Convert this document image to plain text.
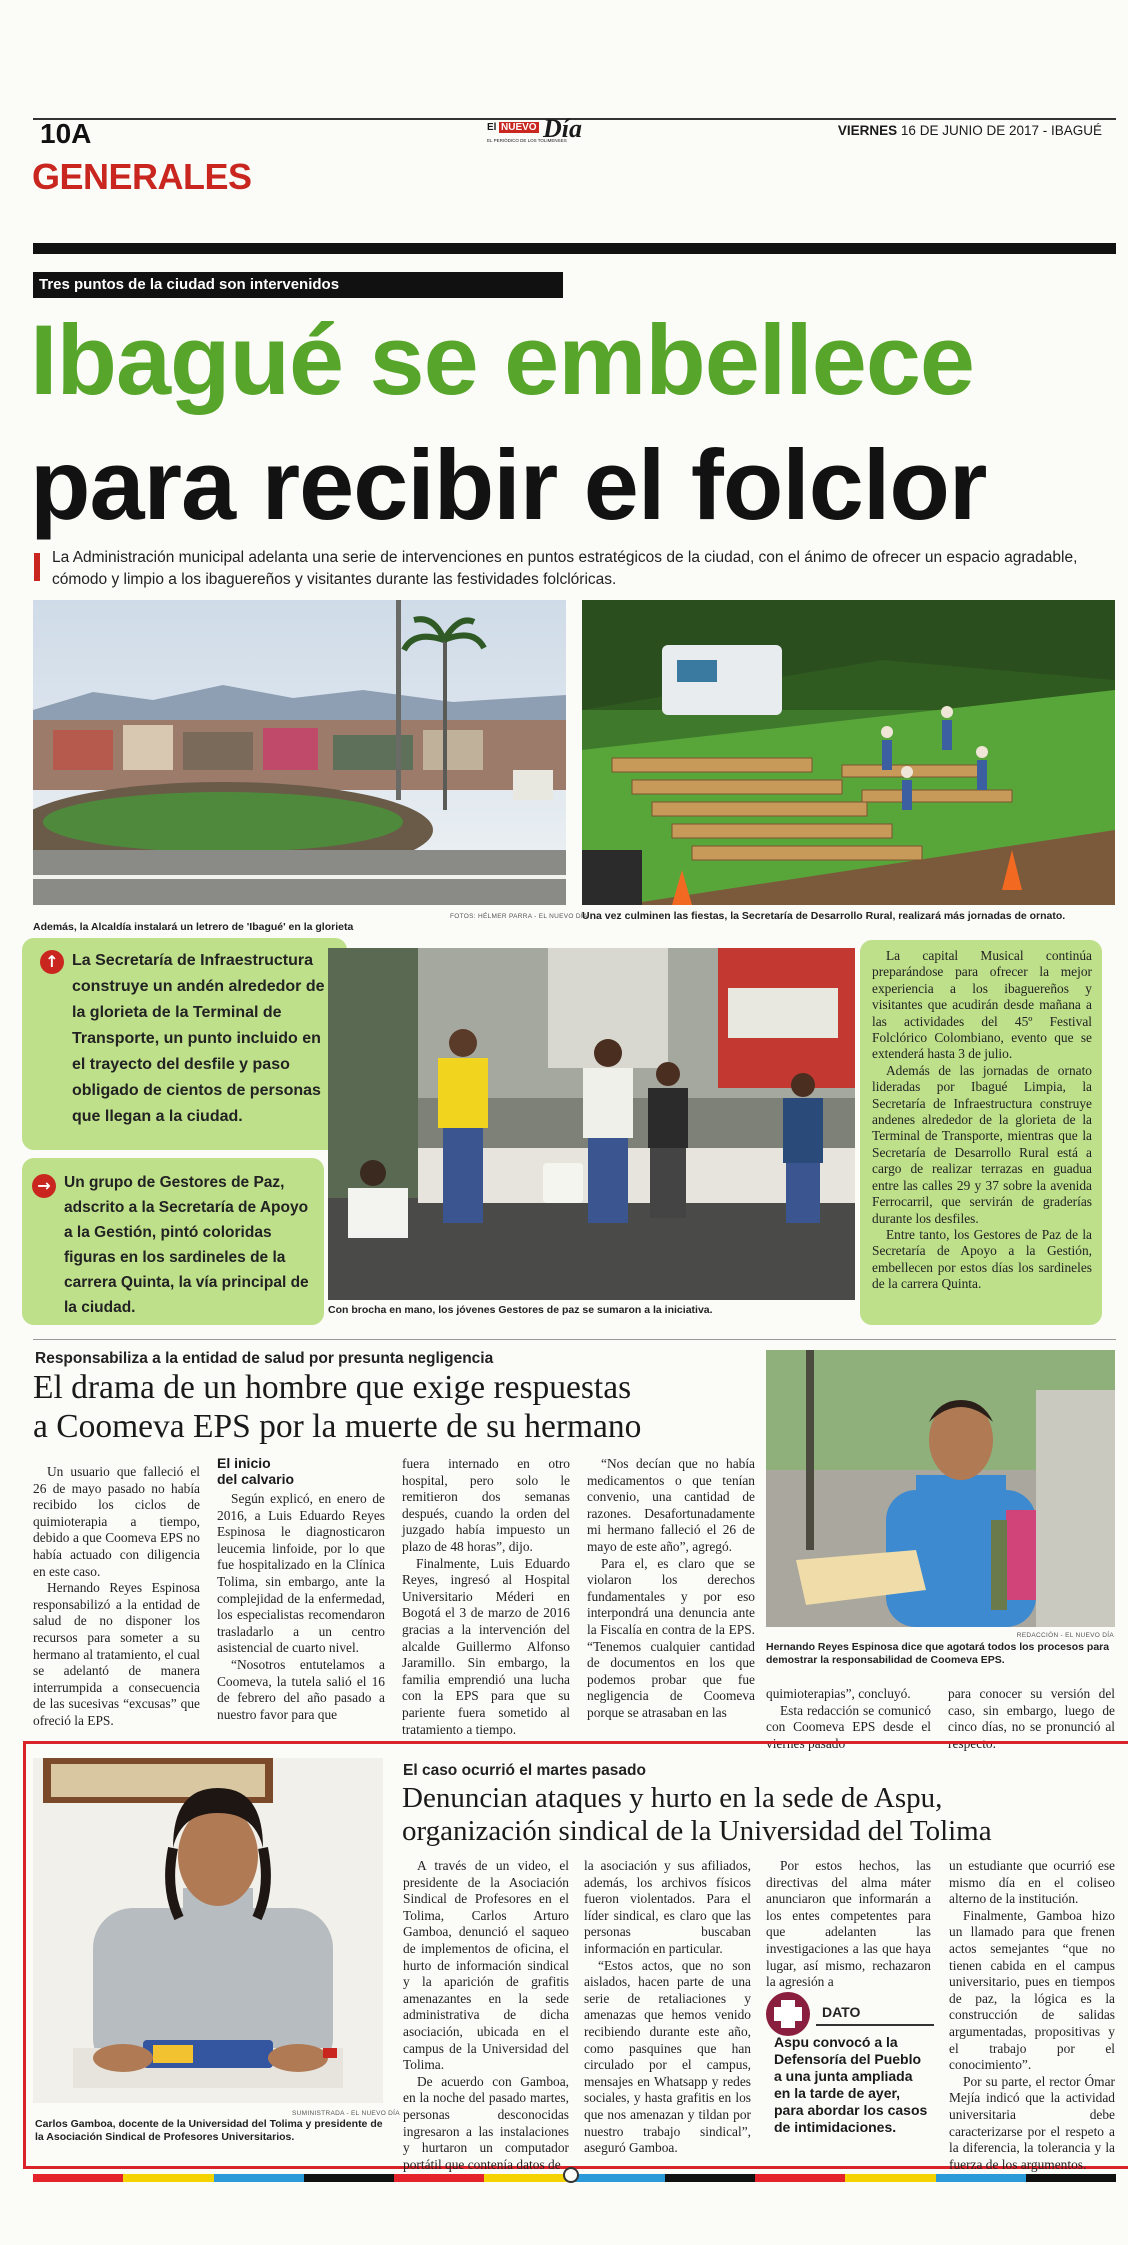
10A	El NUEVO Día
EL PERIÓDICO DE LOS TOLIMENSES
VIERNES 16 DE JUNIO DE 2017 - IBAGUÉ
GENERALES
Tres puntos de la ciudad son intervenidos
Ibagué se embellece
para recibir el folclor
La Administración municipal adelanta una serie de intervenciones en puntos estratégicos de la ciudad, con el ánimo de ofrecer un espacio agradable, cómodo y limpio a los ibaguereños y visitantes durante las festividades folclóricas.
Además, la Alcaldía instalará un letrero de 'Ibagué' en la glorieta
FOTOS: HÉLMER PARRA - EL NUEVO DÍA
Una vez culminen las fiestas, la Secretaría de Desarrollo Rural, realizará más jornadas de ornato.
↑ La Secretaría de Infraestructura construye un andén alrededor de la glorieta de la Terminal de Transporte, un punto incluido en el trayecto del desfile y paso obligado de cientos de personas que llegan a la ciudad.
→ Un grupo de Gestores de Paz, adscrito a la Secretaría de Apoyo a la Gestión, pintó coloridas figuras en los sardineles de la carrera Quinta, la vía principal de la ciudad.	Con brocha en mano, los jóvenes Gestores de paz se sumaron a la iniciativa.

La capital Musical continúa preparándose para ofrecer la mejor experiencia a los ibaguereños y visitantes que acudirán desde mañana a las actividades del 45º Festival Folclórico Colombiano, evento que se extenderá hasta 3 de julio.

Además de las jornadas de ornato lideradas por Ibagué Limpia, la Secretaría de Infraestructura construye andenes alrededor de la glorieta de la Terminal de Transporte, mientras que la Secretaría de Desarrollo Rural está a cargo de realizar terrazas en guadua entre las calles 29 y 37 sobre la avenida Ferrocarril, que servirán de graderías durante los desfiles.

Entre tanto, los Gestores de Paz de la Secretaría de Apoyo a la Gestión, embellecen por estos días los sardineles de la carrera Quinta.

Responsabiliza a la entidad de salud por presunta negligencia
El drama de un hombre que exige respuestas
a Coomeva EPS por la muerte de su hermano

Un usuario que falleció el 26 de mayo pasado no había recibido los ciclos de quimioterapia a tiempo, debido a que Coomeva EPS no había actuado con diligencia en este caso.

Hernando Reyes Espinosa responsabilizó a la entidad de salud de no disponer los recursos para someter a su hermano al tratamiento, el cual se adelantó de manera interrumpida a consecuencia de las sucesivas “excusas” que ofreció la EPS.

El inicio
del calvario

Según explicó, en enero de 2016, a Luis Eduardo Reyes Espinosa le diagnosticaron leucemia linfoide, por lo que fue hospitalizado en la Clínica Tolima, sin embargo, ante la complejidad de la enfermedad, los especialistas recomendaron trasladarlo a un centro asistencial de cuarto nivel.

“Nosotros entutelamos a Coomeva, la tutela salió el 16 de febrero del año pasado a nuestro favor para que

fuera internado en otro hospital, pero solo le remitieron dos semanas después, cuando la orden del juzgado había impuesto un plazo de 48 horas”, dijo.

Finalmente, Luis Eduardo Reyes, ingresó al Hospital Universitario Méderi en Bogotá el 3 de marzo de 2016 gracias a la intervención del alcalde Guillermo Alfonso Jaramillo. Sin embargo, la familia emprendió una lucha con la EPS para que su pariente fuera sometido al tratamiento a tiempo.

“Nos decían que no había medicamentos o que tenían convenio, una cantidad de razones. Desafortunadamente mi hermano falleció el 26 de mayo de este año”, agregó.

Para el, es claro que se violaron los derechos fundamentales y por eso interpondrá una denuncia ante la Fiscalía en contra de la EPS. “Tenemos cualquier cantidad de documentos en los que podemos probar que fue negligencia de Coomeva porque se atrasaban en las

REDACCIÓN - EL NUEVO DÍA
Hernando Reyes Espinosa dice que agotará todos los procesos para demostrar la responsabilidad de Coomeva EPS.

quimioterapias”, concluyó.

Esta redacción se comunicó con Coomeva EPS desde el viernes pasado

para conocer su versión del caso, sin embargo, luego de cinco días, no se pronunció al respecto.

SUMINISTRADA - EL NUEVO DÍA
Carlos Gamboa, docente de la Universidad del Tolima y presidente de la Asociación Sindical de Profesores Universitarios.
El caso ocurrió el martes pasado
Denuncian ataques y hurto en la sede de Aspu,
organización sindical de la Universidad del Tolima

A través de un video, el presidente de la Asociación Sindical de Profesores en el Tolima, Carlos Arturo Gamboa, denunció el saqueo de implementos de oficina, el hurto de información sindical y la aparición de grafitis amenazantes en la sede administrativa de dicha asociación, ubicada en el campus de la Universidad del Tolima.

De acuerdo con Gamboa, en la noche del pasado martes, personas desconocidas ingresaron a las instalaciones y hurtaron un computador portátil que contenía datos de

la asociación y sus afiliados, además, los archivos físicos fueron violentados. Para el líder sindical, es claro que las personas buscaban información en particular.

“Estos actos, que no son aislados, hacen parte de una serie de retaliaciones y amenazas que hemos venido recibiendo durante este año, como pasquines que han circulado por el campus, mensajes en Whatsapp y redes sociales, y hasta grafitis en los que nos amenazan y tildan por nuestro trabajo sindical”, aseguró Gamboa.

Por estos hechos, las directivas del alma máter anunciaron que informarán a los entes competentes para que adelanten las investigaciones a las que haya lugar, así mismo, rechazaron la agresión a

DATO
Aspu convocó a la Defensoría del Pueblo a una junta ampliada en la tarde de ayer, para abordar los casos de intimidaciones.

un estudiante que ocurrió ese mismo día en el coliseo alterno de la institución.

Finalmente, Gamboa hizo un llamado para que frenen actos semejantes “que no tienen cabida en el campus universitario, pues en tiempos de paz, la lógica es la construcción de salidas argumentadas, propositivas y el trabajo por el conocimiento”.

Por su parte, el rector Ómar Mejía indicó que la actividad universitaria debe caracterizarse por el respeto a la diferencia, la tolerancia y la fuerza de los argumentos.
